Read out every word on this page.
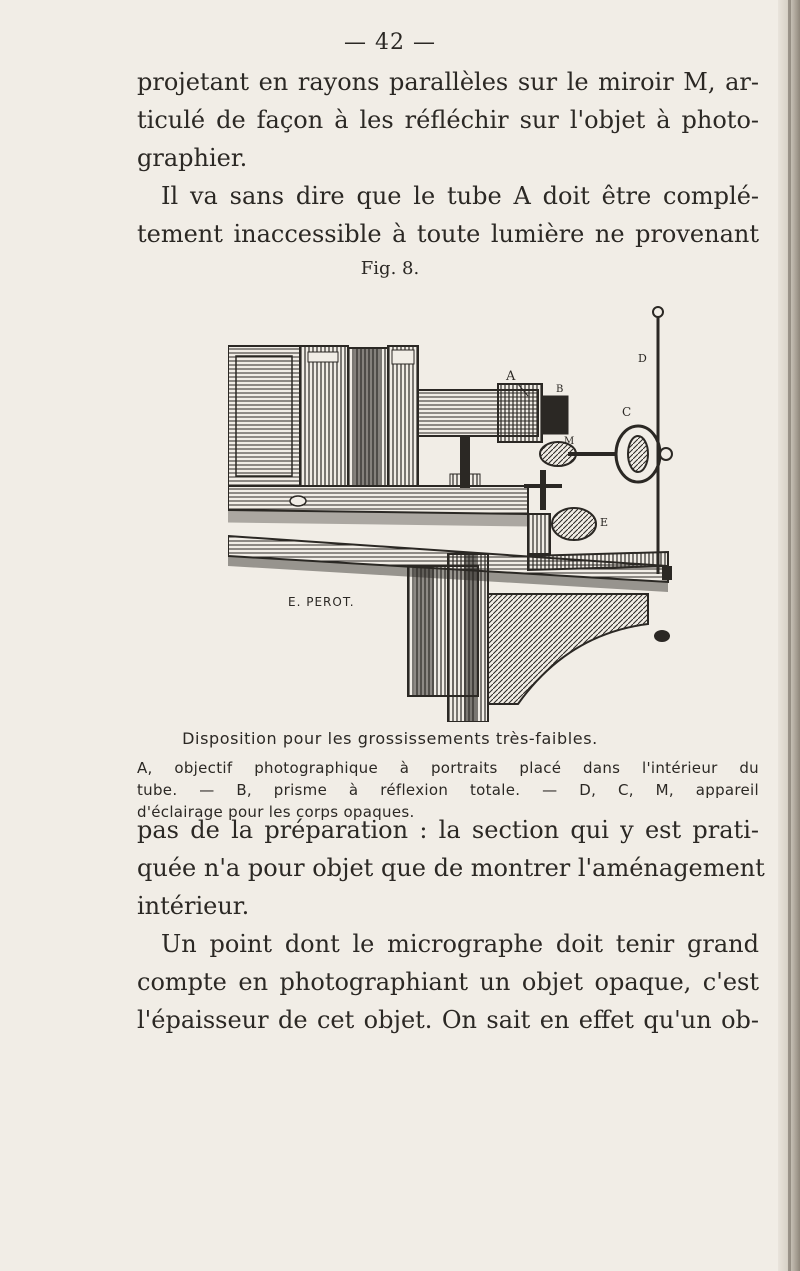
— 42 —
projetant en rayons parallèles sur le miroir M, ar-
ticulé de façon à les réfléchir sur l'objet à photo-
graphier.
Il va sans dire que le tube A doit être complé-
tement inaccessible à toute lumière ne provenant
Fig. 8.
A
B
M
C
D
E
E. PEROT.
Disposition pour les grossissements très-faibles.
A, objectif photographique à portraits placé dans l'intérieur du
tube. — B, prisme à réflexion totale. — D, C, M, appareil
d'éclairage pour les corps opaques.
pas de la préparation : la section qui y est prati-
quée n'a pour objet que de montrer l'aménagement
intérieur.
Un point dont le micrographe doit tenir grand
compte en photographiant un objet opaque, c'est
l'épaisseur de cet objet. On sait en effet qu'un ob-
